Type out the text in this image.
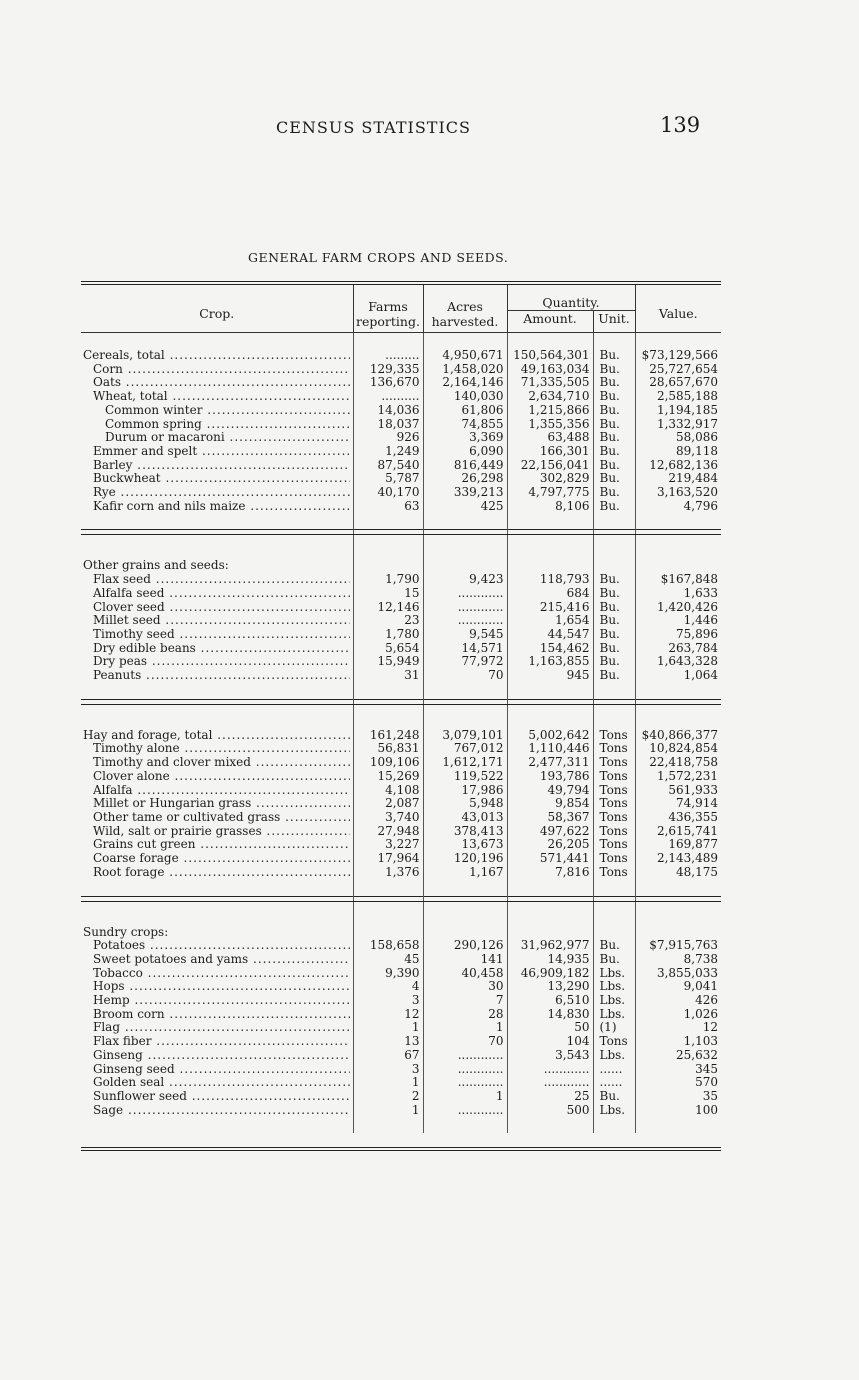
CENSUS STATISTICS	139
GENERAL FARM CROPS AND SEEDS.
Crop.	Farms reporting.	Acres harvested.	Quantity.		Value.
			Amount.	Unit.	

Cereals, total .....	.........	4,950,671	150,564,301	Bu.	$73,129,566

Corn .....	129,335	1,458,020	49,163,034	Bu.	25,727,654

Oats .....	136,670	2,164,146	71,335,505	Bu.	28,657,670

Wheat, total .....	..........	140,030	2,634,710	Bu.	2,585,188

Common winter .....	14,036	61,806	1,215,866	Bu.	1,194,185

Common spring .....	18,037	74,855	1,355,356	Bu.	1,332,917

Durum or macaroni .....	926	3,369	63,488	Bu.	58,086

Emmer and spelt .....	1,249	6,090	166,301	Bu.	89,118

Barley .....	87,540	816,449	22,156,041	Bu.	12,682,136

Buckwheat .....	5,787	26,298	302,829	Bu.	219,484

Rye .....	40,170	339,213	4,797,775	Bu.	3,163,520

Kafir corn and nils maize .....	63	425	8,106	Bu.	4,796

Other grains and seeds:					

Flax seed .....	1,790	9,423	118,793	Bu.	$167,848

Alfalfa seed .....	15	............	684	Bu.	1,633

Clover seed .....	12,146	............	215,416	Bu.	1,420,426

Millet seed .....	23	............	1,654	Bu.	1,446

Timothy seed .....	1,780	9,545	44,547	Bu.	75,896

Dry edible beans .....	5,654	14,571	154,462	Bu.	263,784

Dry peas .....	15,949	77,972	1,163,855	Bu.	1,643,328

Peanuts .....	31	70	945	Bu.	1,064

Hay and forage, total .....	161,248	3,079,101	5,002,642	Tons	$40,866,377

Timothy alone .....	56,831	767,012	1,110,446	Tons	10,824,854

Timothy and clover mixed .....	109,106	1,612,171	2,477,311	Tons	22,418,758

Clover alone .....	15,269	119,522	193,786	Tons	1,572,231

Alfalfa .....	4,108	17,986	49,794	Tons	561,933

Millet or Hungarian grass .....	2,087	5,948	9,854	Tons	74,914

Other tame or cultivated grass .....	3,740	43,013	58,367	Tons	436,355

Wild, salt or prairie grasses .....	27,948	378,413	497,622	Tons	2,615,741

Grains cut green .....	3,227	13,673	26,205	Tons	169,877

Coarse forage .....	17,964	120,196	571,441	Tons	2,143,489

Root forage .....	1,376	1,167	7,816	Tons	48,175

Sundry crops:					

Potatoes .....	158,658	290,126	31,962,977	Bu.	$7,915,763

Sweet potatoes and yams .....	45	141	14,935	Bu.	8,738

Tobacco .....	9,390	40,458	46,909,182	Lbs.	3,855,033

Hops .....	4	30	13,290	Lbs.	9,041

Hemp .....	3	7	6,510	Lbs.	426

Broom corn .....	12	28	14,830	Lbs.	1,026

Flag .....	1	1	50	(1)	12

Flax fiber .....	13	70	104	Tons	1,103

Ginseng .....	67	............	3,543	Lbs.	25,632

Ginseng seed .....	3	............	............	......	345

Golden seal .....	1	............	............	......	570

Sunflower seed .....	2	1	25	Bu.	35

Sage .....	1	............	500	Lbs.	100
